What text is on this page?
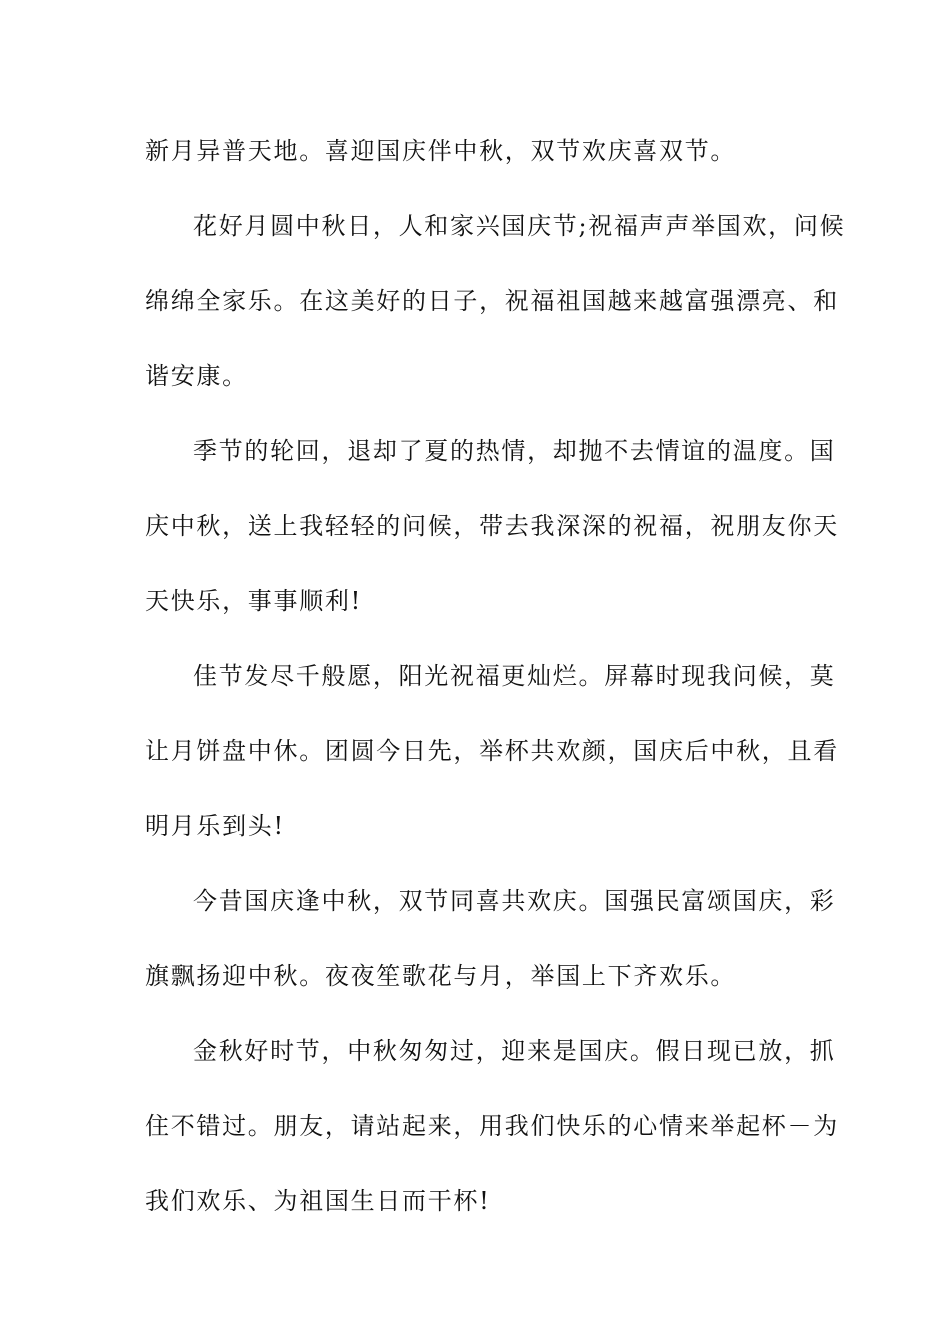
新月异普天地。喜迎国庆伴中秋，双节欢庆喜双节。
花好月圆中秋日，人和家兴国庆节;祝福声声举国欢，问候
绵绵全家乐。在这美好的日子，祝福祖国越来越富强漂亮、和
谐安康。
季节的轮回，退却了夏的热情，却抛不去情谊的温度。国
庆中秋，送上我轻轻的问候，带去我深深的祝福，祝朋友你天
天快乐，事事顺利!
佳节发尽千般愿，阳光祝福更灿烂。屏幕时现我问候，莫
让月饼盘中休。团圆今日先，举杯共欢颜，国庆后中秋，且看
明月乐到头!
今昔国庆逢中秋，双节同喜共欢庆。国强民富颂国庆，彩
旗飘扬迎中秋。夜夜笙歌花与月，举国上下齐欢乐。
金秋好时节，中秋匆匆过，迎来是国庆。假日现已放，抓
住不错过。朋友，请站起来，用我们快乐的心情来举起杯－为
我们欢乐、为祖国生日而干杯!
